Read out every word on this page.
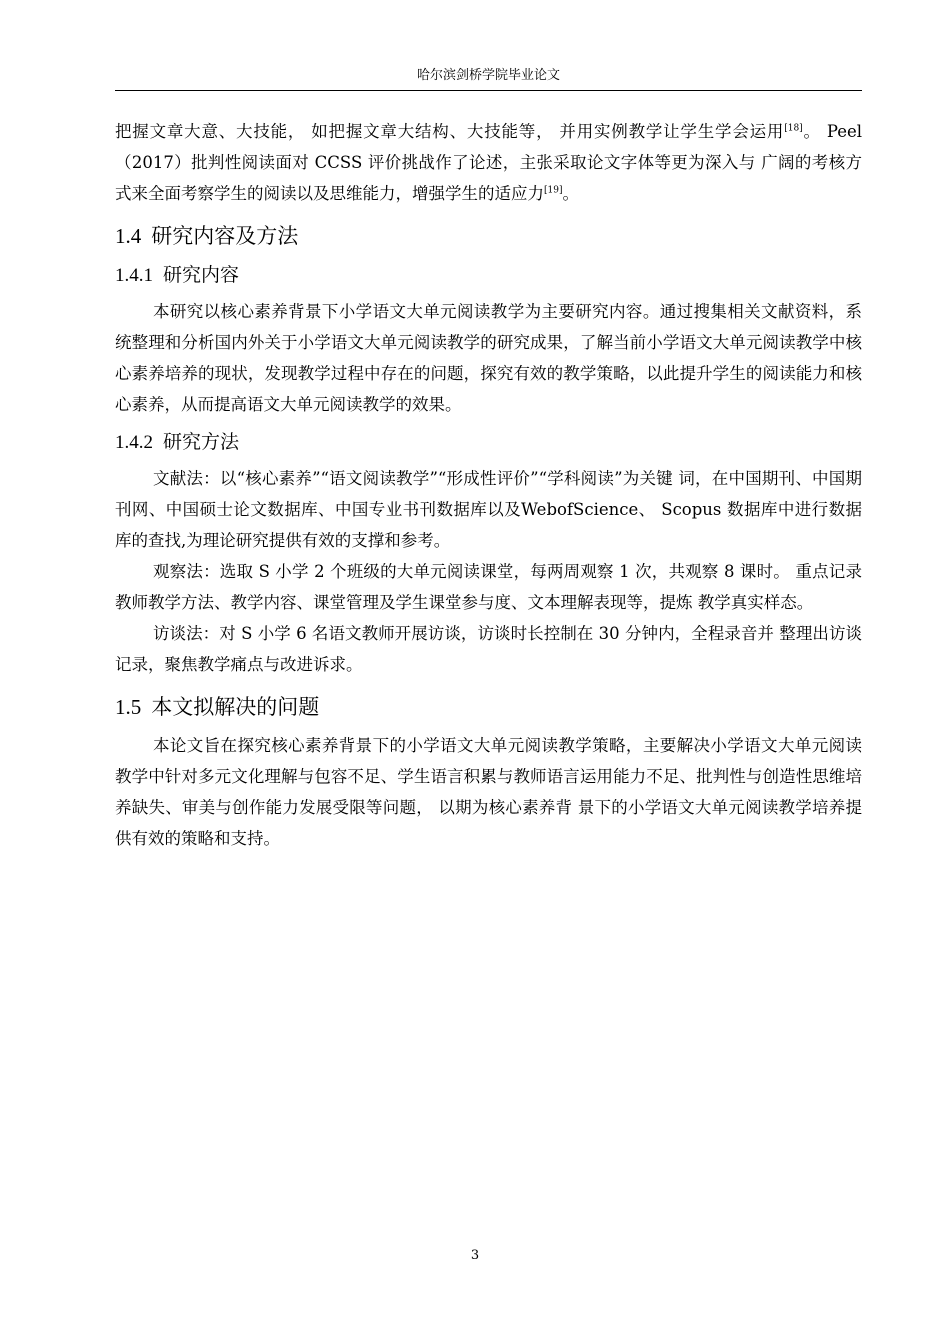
哈尔滨剑桥学院毕业论文

把握文章大意、大技能， 如把握文章大结构、大技能等， 并用实例教学让学生学会运用[18]。 Peel（2017）批判性阅读面对 CCSS 评价挑战作了论述，主张采取论文字体等更为深入与 广阔的考核方式来全面考察学生的阅读以及思维能力，增强学生的适应力[19]。

1.4 研究内容及方法
1.4.1 研究内容

本研究以核心素养背景下小学语文大单元阅读教学为主要研究内容。通过搜集相关文献资料，系统整理和分析国内外关于小学语文大单元阅读教学的研究成果，了解当前小学语文大单元阅读教学中核心素养培养的现状，发现教学过程中存在的问题，探究有效的教学策略，以此提升学生的阅读能力和核心素养，从而提高语文大单元阅读教学的效果。

1.4.2 研究方法

文献法：以“核心素养”“语文阅读教学”“形成性评价”“学科阅读”为关键 词，在中国期刊、中国期刊网、中国硕士论文数据库、中国专业书刊数据库以及WebofScience、 Scopus 数据库中进行数据库的查找,为理论研究提供有效的支撑和参考。

观察法：选取 S 小学 2 个班级的大单元阅读课堂，每两周观察 1 次，共观察 8 课时。 重点记录教师教学方法、教学内容、课堂管理及学生课堂参与度、文本理解表现等，提炼 教学真实样态。

访谈法：对 S 小学 6 名语文教师开展访谈，访谈时长控制在 30 分钟内，全程录音并 整理出访谈记录，聚焦教学痛点与改进诉求。

1.5 本文拟解决的问题

本论文旨在探究核心素养背景下的小学语文大单元阅读教学策略，主要解决小学语文大单元阅读教学中针对多元文化理解与包容不足、学生语言积累与教师语言运用能力不足、批判性与创造性思维培养缺失、审美与创作能力发展受限等问题， 以期为核心素养背 景下的小学语文大单元阅读教学培养提供有效的策略和支持。

3
